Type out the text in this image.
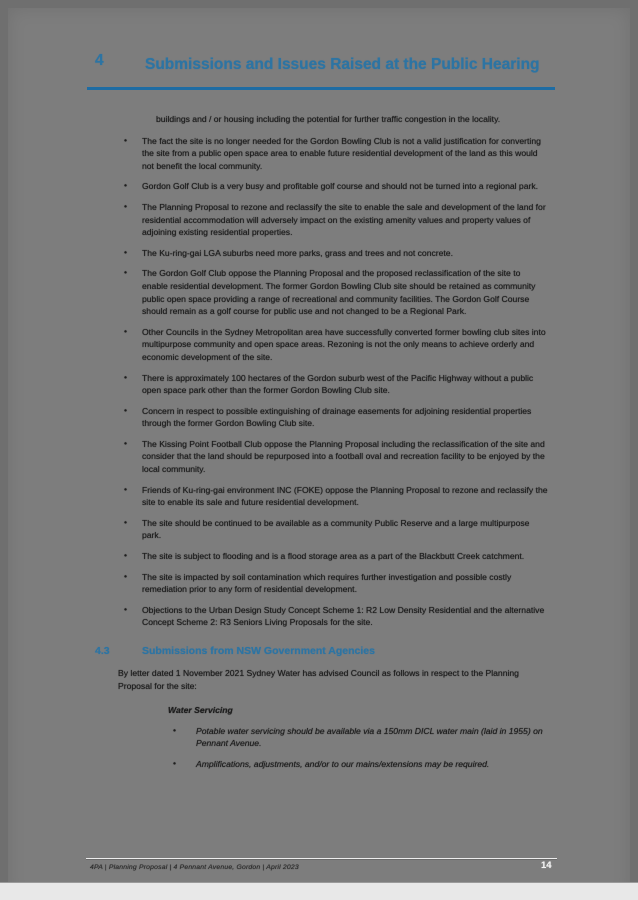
4	Submissions and Issues Raised at the Public Hearing

buildings and / or housing including the potential for further traffic congestion in the locality.

• The fact the site is no longer needed for the Gordon Bowling Club is not a valid justification for converting the site from a public open space area to enable future residential development of the land as this would not benefit the local community.
• Gordon Golf Club is a very busy and profitable golf course and should not be turned into a regional park.
• The Planning Proposal to rezone and reclassify the site to enable the sale and development of the land for residential accommodation will adversely impact on the existing amenity values and property values of adjoining existing residential properties.
• The Ku-ring-gai LGA suburbs need more parks, grass and trees and not concrete.
• The Gordon Golf Club oppose the Planning Proposal and the proposed reclassification of the site to enable residential development. The former Gordon Bowling Club site should be retained as community public open space providing a range of recreational and community facilities. The Gordon Golf Course should remain as a golf course for public use and not changed to be a Regional Park.
• Other Councils in the Sydney Metropolitan area have successfully converted former bowling club sites into multipurpose community and open space areas. Rezoning is not the only means to achieve orderly and economic development of the site.
• There is approximately 100 hectares of the Gordon suburb west of the Pacific Highway without a public open space park other than the former Gordon Bowling Club site.
• Concern in respect to possible extinguishing of drainage easements for adjoining residential properties through the former Gordon Bowling Club site.
• The Kissing Point Football Club oppose the Planning Proposal including the reclassification of the site and consider that the land should be repurposed into a football oval and recreation facility to be enjoyed by the local community.
• Friends of Ku-ring-gai environment INC (FOKE) oppose the Planning Proposal to rezone and reclassify the site to enable its sale and future residential development.
• The site should be continued to be available as a community Public Reserve and a large multipurpose park.
• The site is subject to flooding and is a flood storage area as a part of the Blackbutt Creek catchment.
• The site is impacted by soil contamination which requires further investigation and possible costly remediation prior to any form of residential development.
• Objections to the Urban Design Study Concept Scheme 1: R2 Low Density Residential and the alternative Concept Scheme 2: R3 Seniors Living Proposals for the site.
4.3	Submissions from NSW Government Agencies

By letter dated 1 November 2021 Sydney Water has advised Council as follows in respect to the Planning Proposal for the site:

Water Servicing

• Potable water servicing should be available via a 150mm DICL water main (laid in 1955) on Pennant Avenue.
• Amplifications, adjustments, and/or to our mains/extensions may be required.
4PA | Planning Proposal | 4 Pennant Avenue, Gordon | April 2023	14
